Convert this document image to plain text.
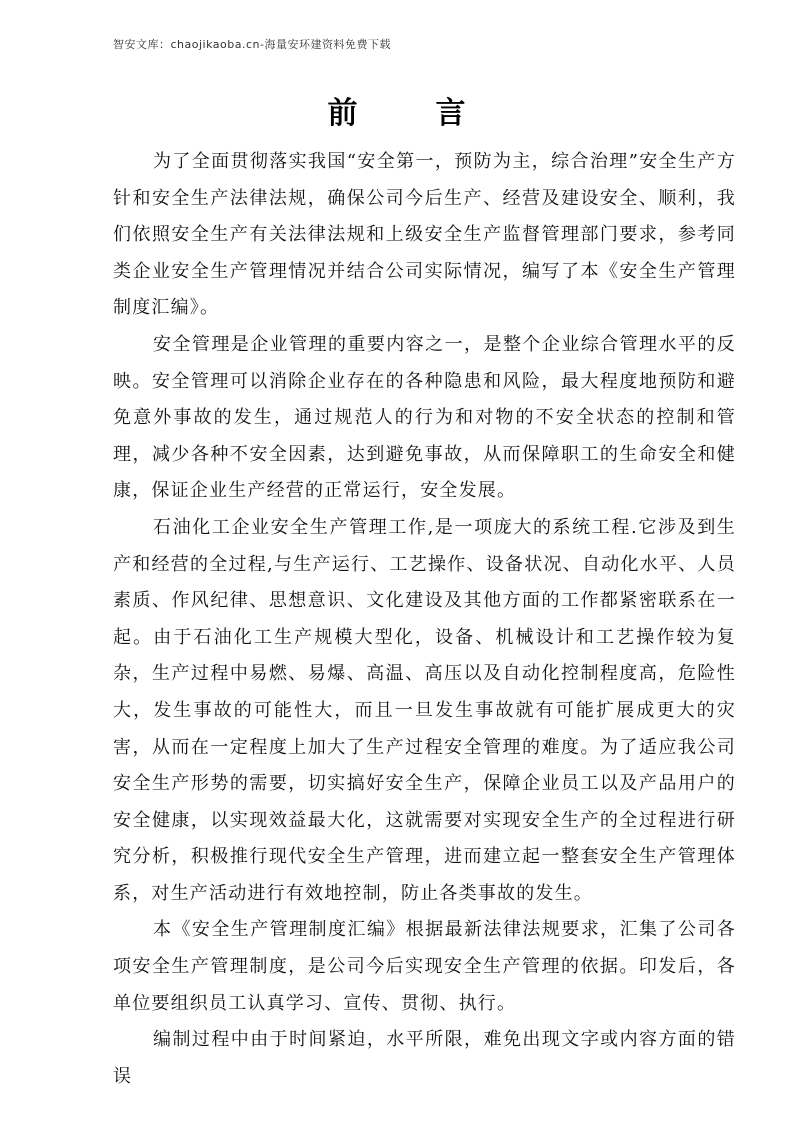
智安文库：chaojikaoba.cn-海量安环建资料免费下载
前	言

为了全面贯彻落实我国“安全第一，预防为主，综合治理”安全生产方针和安全生产法律法规，确保公司今后生产、经营及建设安全、顺利，我们依照安全生产有关法律法规和上级安全生产监督管理部门要求，参考同类企业安全生产管理情况并结合公司实际情况，编写了本《安全生产管理制度汇编》。

安全管理是企业管理的重要内容之一，是整个企业综合管理水平的反映。安全管理可以消除企业存在的各种隐患和风险，最大程度地预防和避免意外事故的发生，通过规范人的行为和对物的不安全状态的控制和管理，减少各种不安全因素，达到避免事故，从而保障职工的生命安全和健康，保证企业生产经营的正常运行，安全发展。

石油化工企业安全生产管理工作,是一项庞大的系统工程.它涉及到生产和经营的全过程,与生产运行、工艺操作、设备状况、自动化水平、人员素质、作风纪律、思想意识、文化建设及其他方面的工作都紧密联系在一起。由于石油化工生产规模大型化，设备、机械设计和工艺操作较为复杂，生产过程中易燃、易爆、高温、高压以及自动化控制程度高，危险性大，发生事故的可能性大，而且一旦发生事故就有可能扩展成更大的灾害，从而在一定程度上加大了生产过程安全管理的难度。为了适应我公司安全生产形势的需要，切实搞好安全生产，保障企业员工以及产品用户的安全健康，以实现效益最大化，这就需要对实现安全生产的全过程进行研究分析，积极推行现代安全生产管理，进而建立起一整套安全生产管理体系，对生产活动进行有效地控制，防止各类事故的发生。

本《安全生产管理制度汇编》根据最新法律法规要求，汇集了公司各项安全生产管理制度，是公司今后实现安全生产管理的依据。印发后，各单位要组织员工认真学习、宣传、贯彻、执行。

编制过程中由于时间紧迫，水平所限，难免出现文字或内容方面的错误
